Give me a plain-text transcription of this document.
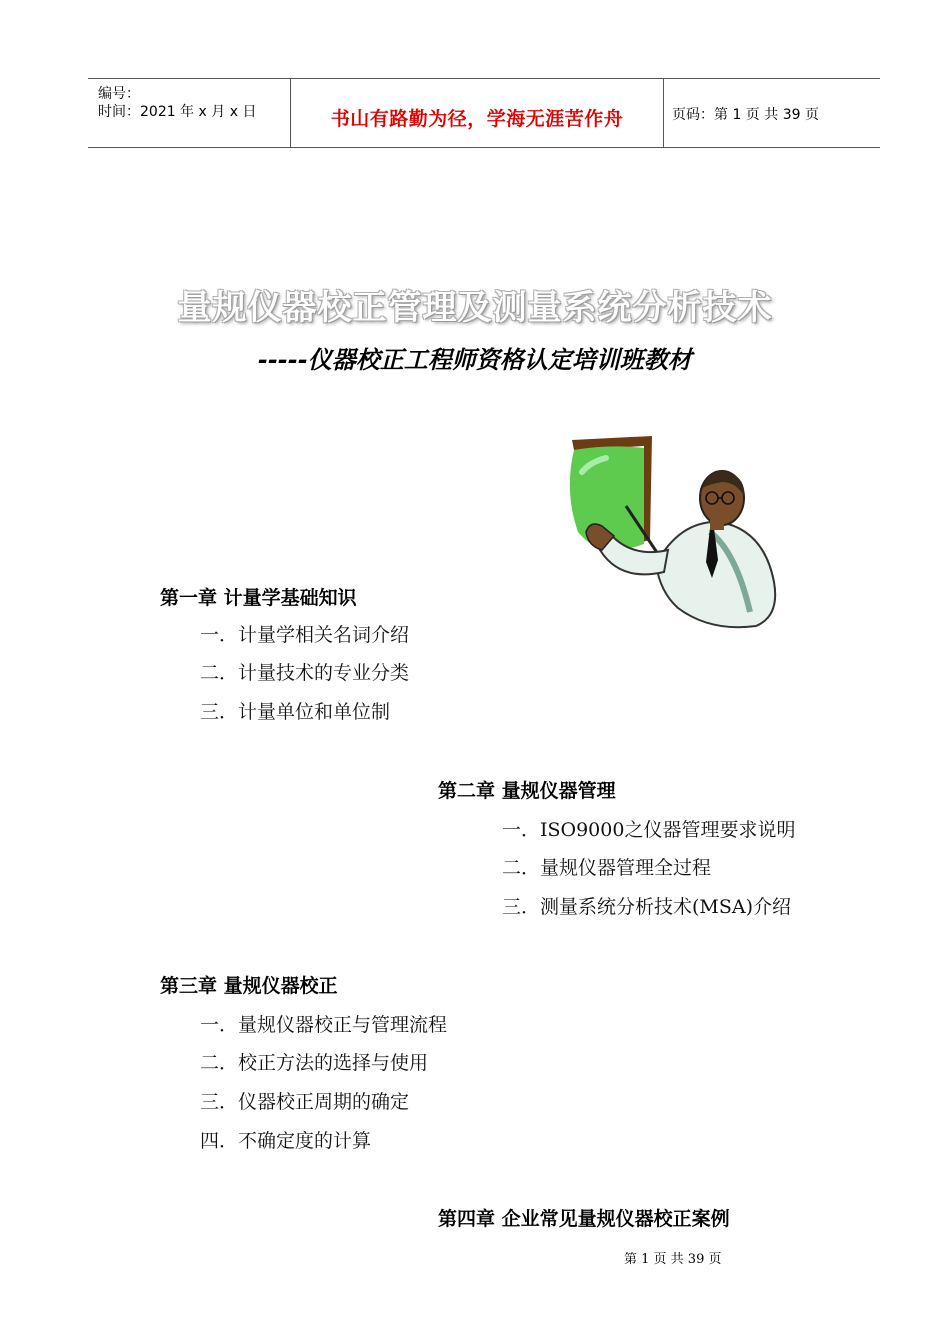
编号：
时间：2021 年 x 月 x 日	书山有路勤为径，学海无涯苦作舟	页码：第 1 页 共 39 页
量规仪器校正管理及测量系统分析技术
-----仪器校正工程师资格认定培训班教材
第一章 计量学基础知识
一．计量学相关名词介绍
二．计量技术的专业分类
三．计量单位和单位制
第二章 量规仪器管理
一．ISO9000之仪器管理要求说明
二．量规仪器管理全过程
三．测量系统分析技术(MSA)介绍
第三章 量规仪器校正
一．量规仪器校正与管理流程
二．校正方法的选择与使用
三．仪器校正周期的确定
四．不确定度的计算
第四章 企业常见量规仪器校正案例
第 1 页 共 39 页
